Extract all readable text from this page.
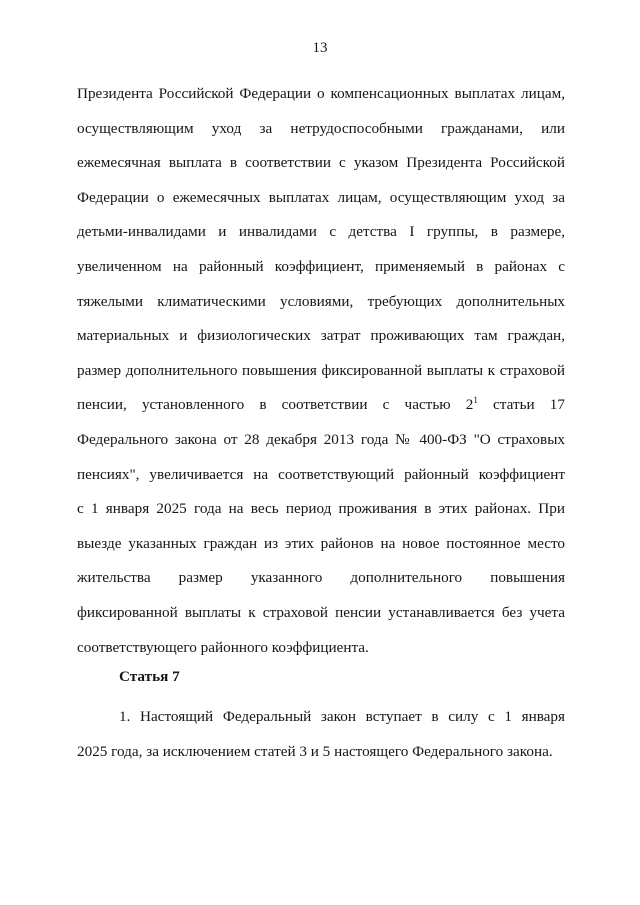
13
Президента Российской Федерации о компенсационных выплатах лицам,
осуществляющим уход за нетрудоспособными гражданами, или
ежемесячная выплата в соответствии с указом Президента Российской
Федерации о ежемесячных выплатах лицам, осуществляющим уход за
детьми-инвалидами и инвалидами с детства I группы, в размере,
увеличенном на районный коэффициент, применяемый в районах с
тяжелыми климатическими условиями, требующих дополнительных
материальных и физиологических затрат проживающих там граждан,
размер дополнительного повышения фиксированной выплаты к страховой
пенсии, установленного в соответствии с частью $2^1$ статьи 17
Федерального закона от 28 декабря 2013 года № 400-ФЗ "О страховых
пенсиях", увеличивается на соответствующий районный коэффициент
с 1 января 2025 года на весь период проживания в этих районах. При
выезде указанных граждан из этих районов на новое постоянное место
жительства размер указанного дополнительного повышения
фиксированной выплаты к страховой пенсии устанавливается без учета
соответствующего районного коэффициента.
Статья 7
1. Настоящий Федеральный закон вступает в силу с 1 января
2025 года, за исключением статей 3 и 5 настоящего Федерального закона.
